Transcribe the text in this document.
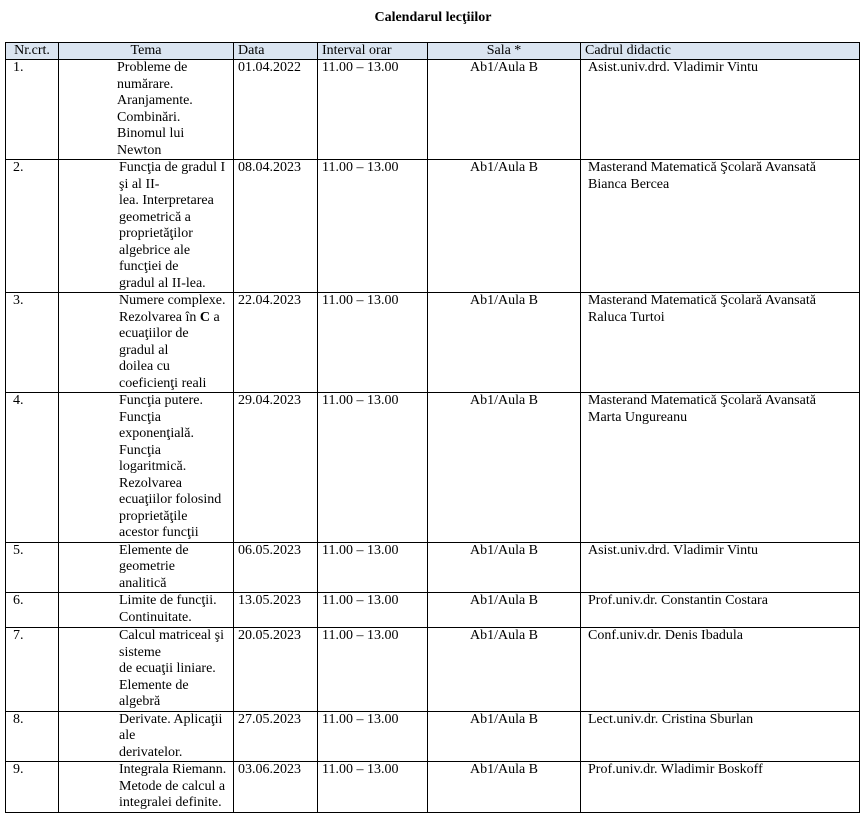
Calendarul lecţiilor
Nr.crt.	Tema	Data	Interval orar	Sala *	Cadrul didactic
1.	Probleme de numărare.
Aranjamente. Combinări.
Binomul lui Newton	01.04.2022	11.00 – 13.00	Ab1/Aula B	Asist.univ.drd. Vladimir Vintu
2.	Funcţia de gradul I şi al II-
lea. Interpretarea
geometrică a proprietăţilor
algebrice ale funcţiei de
gradul al II-lea.	08.04.2023	11.00 – 13.00	Ab1/Aula B	Masterand Matematică Şcolară Avansată
Bianca Bercea
3.	Numere complexe.
Rezolvarea în C a
ecuaţiilor de gradul al
doilea cu coeficienţi reali	22.04.2023	11.00 – 13.00	Ab1/Aula B	Masterand Matematică Şcolară Avansată
Raluca Turtoi
4.	Funcţia putere. Funcţia
exponenţială. Funcţia
logaritmică. Rezolvarea
ecuaţiilor folosind
proprietăţile acestor funcţii	29.04.2023	11.00 – 13.00	Ab1/Aula B	Masterand Matematică Şcolară Avansată
Marta Ungureanu
5.	Elemente de geometrie
analitică	06.05.2023	11.00 – 13.00	Ab1/Aula B	Asist.univ.drd. Vladimir Vintu
6.	Limite de funcţii.
Continuitate.	13.05.2023	11.00 – 13.00	Ab1/Aula B	Prof.univ.dr. Constantin Costara
7.	Calcul matriceal şi sisteme
de ecuaţii liniare.
Elemente de algebră	20.05.2023	11.00 – 13.00	Ab1/Aula B	Conf.univ.dr. Denis Ibadula
8.	Derivate. Aplicaţii ale
derivatelor.	27.05.2023	11.00 – 13.00	Ab1/Aula B	Lect.univ.dr. Cristina Sburlan
9.	Integrala Riemann.
Metode de calcul a
integralei definite.	03.06.2023	11.00 – 13.00	Ab1/Aula B	Prof.univ.dr. Wladimir Boskoff
